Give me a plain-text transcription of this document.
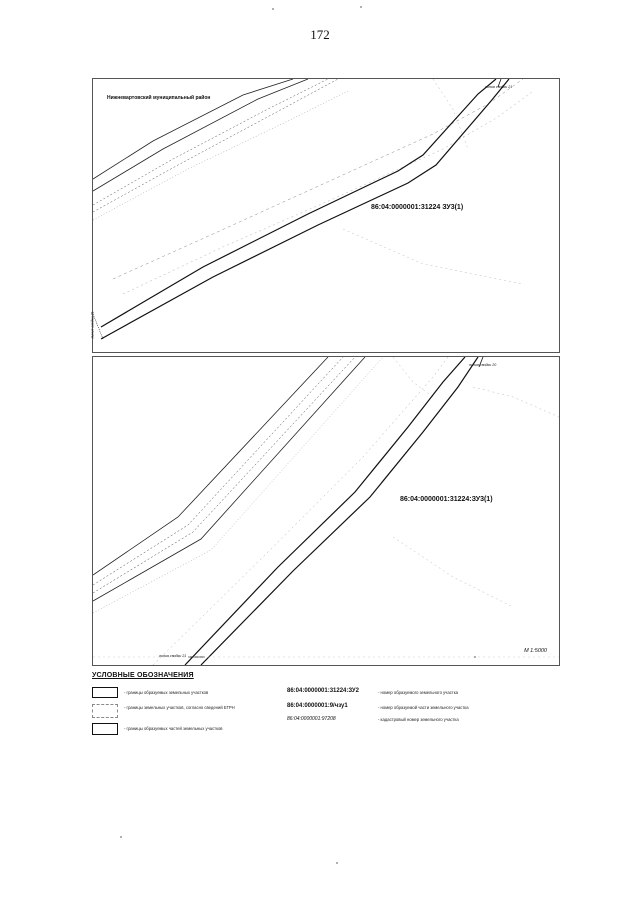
172
Нижневартовский муниципальный район
86:04:0000001:31224 ЗУ3(1)
линия сводки 21
линия сводки 21
86:04:0000001:31224:ЗУ3(1)
линия сводки 20
линия сводки 21
М 1:5000
УСЛОВНЫЕ ОБОЗНАЧЕНИЯ
- границы образуемых земельных участков
- границы земельных участков, согласно сведений ЕГРН
- границы образуемых частей земельных участков
86:04:0000001:31224:ЗУ2	- номер образуемого земельного участка
86:04:0000001:9/чзу1	- номер образуемой части земельного участка
86:04:0000001:97208	- кадастровый номер земельного участка
